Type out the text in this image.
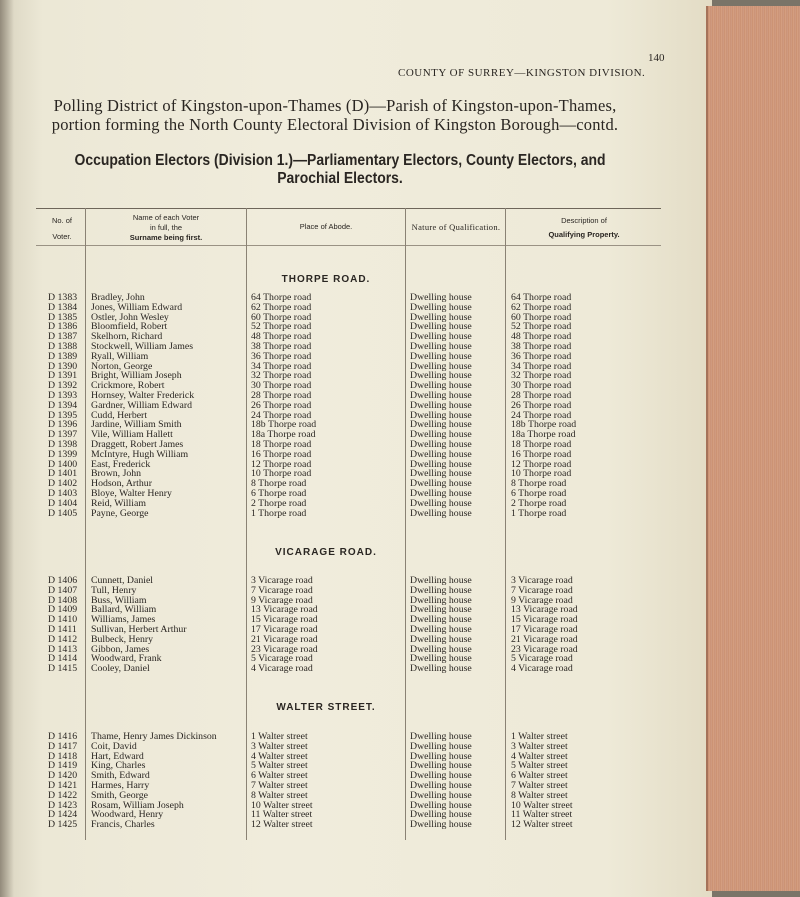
140
COUNTY OF SURREY—KINGSTON DIVISION.
Polling District of Kingston-upon-Thames (D)—Parish of Kingston-upon-Thames,
portion forming the North County Electoral Division of Kingston Borough—contd.
Occupation Electors (Division 1.)—Parliamentary Electors, County Electors, and
Parochial Electors.
No. of
Voter.
Name of each Voter
in full, the
Surname being first.
Place of Abode.	Nature of Qualification.
Description of
Qualifying Property.
THORPE ROAD.
D 1383 Bradley, John	64 Thorpe road	Dwelling house	64 Thorpe road
D 1384 Jones, William Edward	62 Thorpe road	Dwelling house	62 Thorpe road
D 1385 Ostler, John Wesley	60 Thorpe road	Dwelling house	60 Thorpe road
D 1386 Bloomfield, Robert	52 Thorpe road	Dwelling house	52 Thorpe road
D 1387 Skelhorn, Richard	48 Thorpe road	Dwelling house	48 Thorpe road
D 1388 Stockwell, William James	38 Thorpe road	Dwelling house	38 Thorpe road
D 1389 Ryall, William	36 Thorpe road	Dwelling house	36 Thorpe road
D 1390 Norton, George	34 Thorpe road	Dwelling house	34 Thorpe road
D 1391 Bright, William Joseph	32 Thorpe road	Dwelling house	32 Thorpe road
D 1392 Crickmore, Robert	30 Thorpe road	Dwelling house	30 Thorpe road
D 1393 Hornsey, Walter Frederick	28 Thorpe road	Dwelling house	28 Thorpe road
D 1394 Gardner, William Edward	26 Thorpe road	Dwelling house	26 Thorpe road
D 1395 Cudd, Herbert	24 Thorpe road	Dwelling house	24 Thorpe road
D 1396 Jardine, William Smith	18b Thorpe road	Dwelling house	18b Thorpe road
D 1397 Vile, William Hallett	18a Thorpe road	Dwelling house	18a Thorpe road
D 1398 Draggett, Robert James	18 Thorpe road	Dwelling house	18 Thorpe road
D 1399 McIntyre, Hugh William	16 Thorpe road	Dwelling house	16 Thorpe road
D 1400 East, Frederick	12 Thorpe road	Dwelling house	12 Thorpe road
D 1401 Brown, John	10 Thorpe road	Dwelling house	10 Thorpe road
D 1402 Hodson, Arthur	8 Thorpe road	Dwelling house	8 Thorpe road
D 1403 Bloye, Walter Henry	6 Thorpe road	Dwelling house	6 Thorpe road
D 1404 Reid, William	2 Thorpe road	Dwelling house	2 Thorpe road
D 1405 Payne, George	1 Thorpe road	Dwelling house	1 Thorpe road
VICARAGE ROAD.
D 1406 Cunnett, Daniel	3 Vicarage road	Dwelling house	3 Vicarage road
D 1407 Tull, Henry	7 Vicarage road	Dwelling house	7 Vicarage road
D 1408 Buss, William	9 Vicarage road	Dwelling house	9 Vicarage road
D 1409 Ballard, William	13 Vicarage road	Dwelling house	13 Vicarage road
D 1410 Williams, James	15 Vicarage road	Dwelling house	15 Vicarage road
D 1411 Sullivan, Herbert Arthur	17 Vicarage road	Dwelling house	17 Vicarage road
D 1412 Bulbeck, Henry	21 Vicarage road	Dwelling house	21 Vicarage road
D 1413 Gibbon, James	23 Vicarage road	Dwelling house	23 Vicarage road
D 1414 Woodward, Frank	5 Vicarage road	Dwelling house	5 Vicarage road
D 1415 Cooley, Daniel	4 Vicarage road	Dwelling house	4 Vicarage road
WALTER STREET.
D 1416 Thame, Henry James Dickinson	1 Walter street	Dwelling house	1 Walter street
D 1417 Coit, David	3 Walter street	Dwelling house	3 Walter street
D 1418 Hart, Edward	4 Walter street	Dwelling house	4 Walter street
D 1419 King, Charles	5 Walter street	Dwelling house	5 Walter street
D 1420 Smith, Edward	6 Walter street	Dwelling house	6 Walter street
D 1421 Harmes, Harry	7 Walter street	Dwelling house	7 Walter street
D 1422 Smith, George	8 Walter street	Dwelling house	8 Walter street
D 1423 Rosam, William Joseph	10 Walter street	Dwelling house	10 Walter street
D 1424 Woodward, Henry	11 Walter street	Dwelling house	11 Walter street
D 1425 Francis, Charles	12 Walter street	Dwelling house	12 Walter street
